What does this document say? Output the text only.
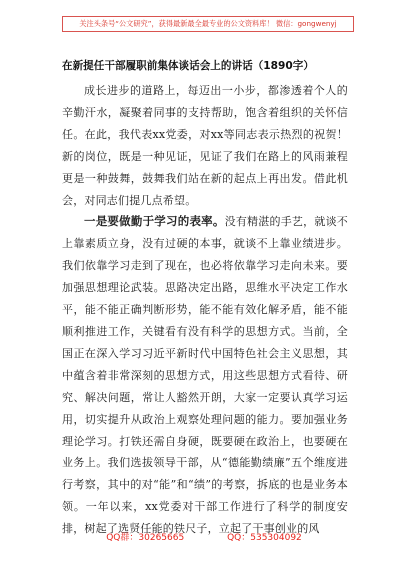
关注头条号“公文研究”，获得最新最全最专业的公文资料库！ 微信：gongwenyj
在新提任干部履职前集体谈话会上的讲话（1890字）

成长进步的道路上，每迈出一小步，都渗透着个人的辛勤汗水，凝聚着同事的支持帮助，饱含着组织的关怀信任。在此，我代表xx党委，对xx等同志表示热烈的祝贺！新的岗位，既是一种见证，见证了我们在路上的风雨兼程更是一种鼓舞，鼓舞我们站在新的起点上再出发。借此机会，对同志们提几点希望。

一是要做勤于学习的表率。没有精湛的手艺，就谈不上靠素质立身，没有过硬的本事，就谈不上靠业绩进步。我们依靠学习走到了现在，也必将依靠学习走向未来。要加强思想理论武装。思路决定出路，思维水平决定工作水平，能不能正确判断形势，能不能有效化解矛盾，能不能顺利推进工作，关键看有没有科学的思想方式。当前，全国正在深入学习习近平新时代中国特色社会主义思想，其中蕴含着非常深刻的思想方式，用这些思想方式看待、研究、解决问题，常让人豁然开朗，大家一定要认真学习运用，切实提升从政治上观察处理问题的能力。要加强业务理论学习。打铁还需自身硬，既要硬在政治上，也要硬在业务上。我们选拔领导干部，从“德能勤绩廉”五个维度进行考察，其中的对“能”和“绩”的考察，拆底的也是业务本领。一年以来，xx党委对干部工作进行了科学的制度安排，树起了选贤任能的铁尺子，立起了干事创业的风

QQ群：30265665	QQ：535304092
